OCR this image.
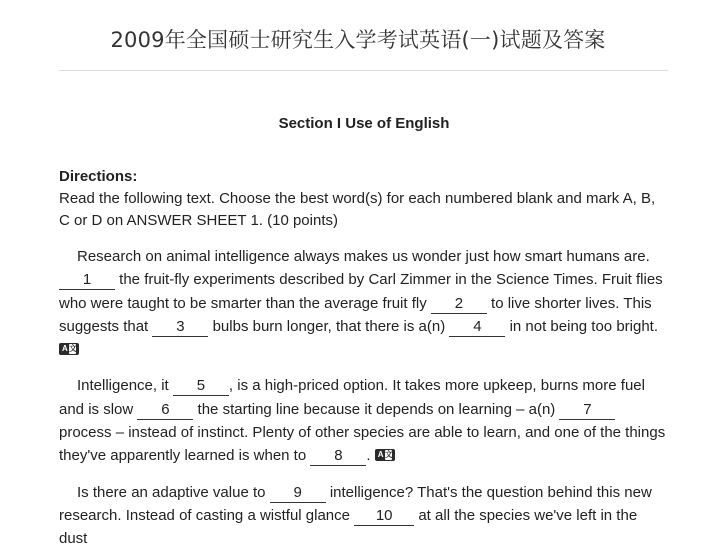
2009年全国硕士研究生入学考试英语(一)试题及答案
Section I Use of English
Directions:
Read the following text. Choose the best word(s) for each numbered blank and mark A, B, C or D on ANSWER SHEET 1. (10 points)
Research on animal intelligence always makes us wonder just how smart humans are. 1 the fruit-fly experiments described by Carl Zimmer in the Science Times. Fruit flies who were taught to be smarter than the average fruit fly 2 to live shorter lives. This suggests that 3 bulbs burn longer, that there is a(n) 4 in not being too bright.

A 文
Intelligence, it 5 , is a high-priced option. It takes more upkeep, burns more fuel and is slow 6 the starting line because it depends on learning – a(n) 7 process – instead of instinct. Plenty of other species are able to learn, and one of the things they've apparently learned is when to 8 . A 文
Is there an adaptive value to 9 intelligence? That's the question behind this new research. Instead of casting a wistful glance 10 at all the species we've left in the dust
